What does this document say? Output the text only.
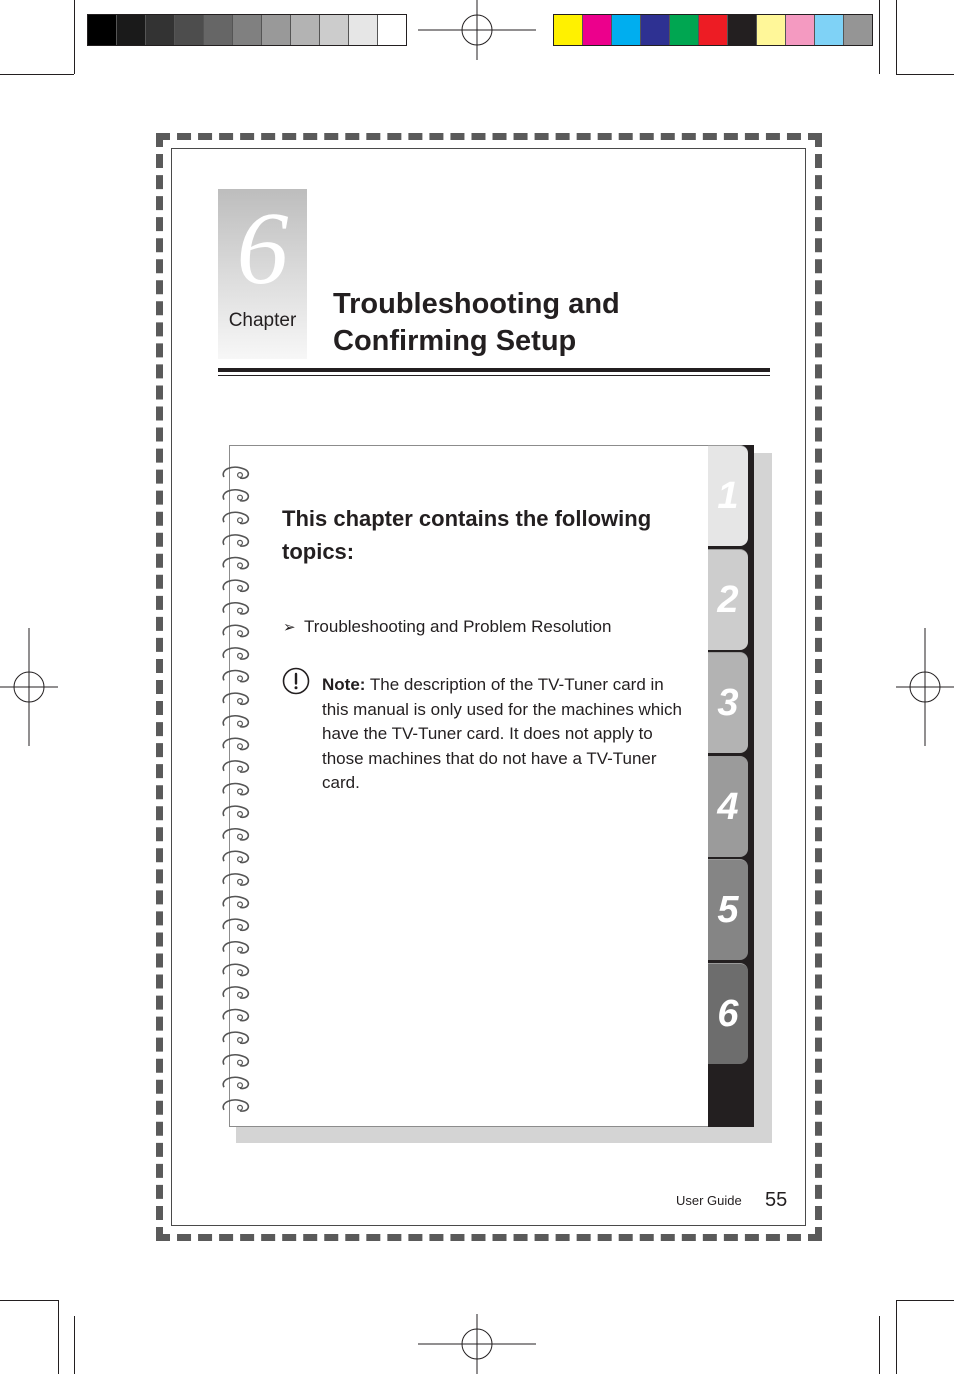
6
Chapter
Troubleshooting and
Confirming Setup
1
2
3
4
5
6
This chapter contains the following topics:
➢ Troubleshooting and Problem Resolution
Note: The description of the TV-Tuner card in this manual is only used for the machines which have the TV-Tuner card. It does not apply to those machines that do not have a TV-Tuner card.
User Guide 55
